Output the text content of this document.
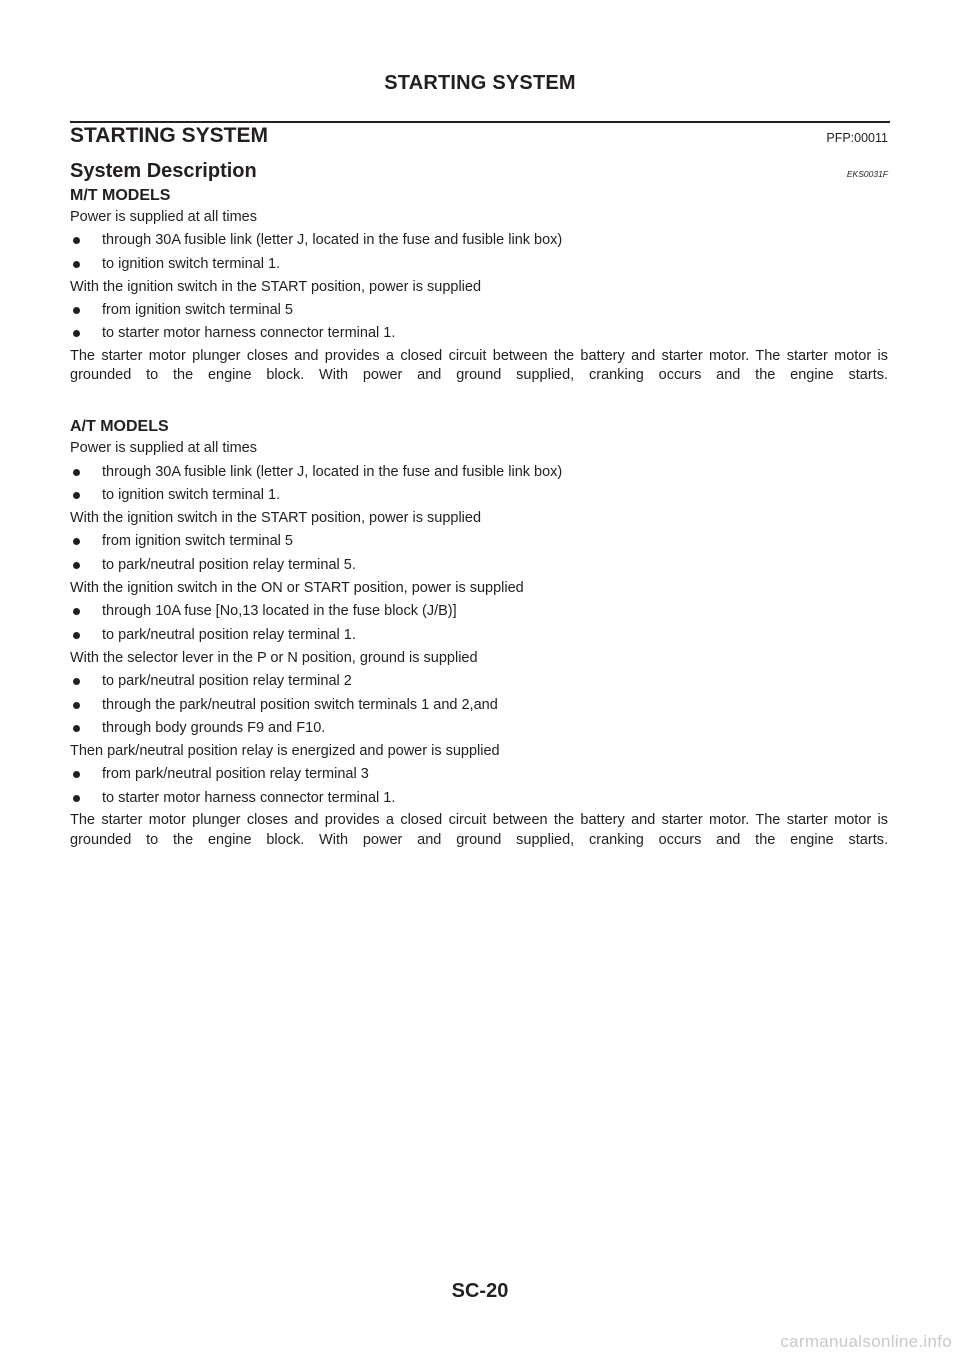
STARTING SYSTEM
STARTING SYSTEM	PFP:00011
System Description	EKS0031F
M/T MODELS
Power is supplied at all times
through 30A fusible link (letter J, located in the fuse and fusible link box)
to ignition switch terminal 1.
With the ignition switch in the START position, power is supplied
from ignition switch terminal 5
to starter motor harness connector terminal 1.
The starter motor plunger closes and provides a closed circuit between the battery and starter motor. The starter motor is grounded to the engine block. With power and ground supplied, cranking occurs and the engine starts.
A/T MODELS
Power is supplied at all times
through 30A fusible link (letter J, located in the fuse and fusible link box)
to ignition switch terminal 1.
With the ignition switch in the START position, power is supplied
from ignition switch terminal 5
to park/neutral position relay terminal 5.
With the ignition switch in the ON or START position, power is supplied
through 10A fuse [No,13 located in the fuse block (J/B)]
to park/neutral position relay terminal 1.
With the selector lever in the P or N position, ground is supplied
to park/neutral position relay terminal 2
through the park/neutral position switch terminals 1 and 2,and
through body grounds F9 and F10.
Then park/neutral position relay is energized and power is supplied
from park/neutral position relay terminal 3
to starter motor harness connector terminal 1.
The starter motor plunger closes and provides a closed circuit between the battery and starter motor. The starter motor is grounded to the engine block. With power and ground supplied, cranking occurs and the engine starts.
SC-20
carmanualsonline.info
